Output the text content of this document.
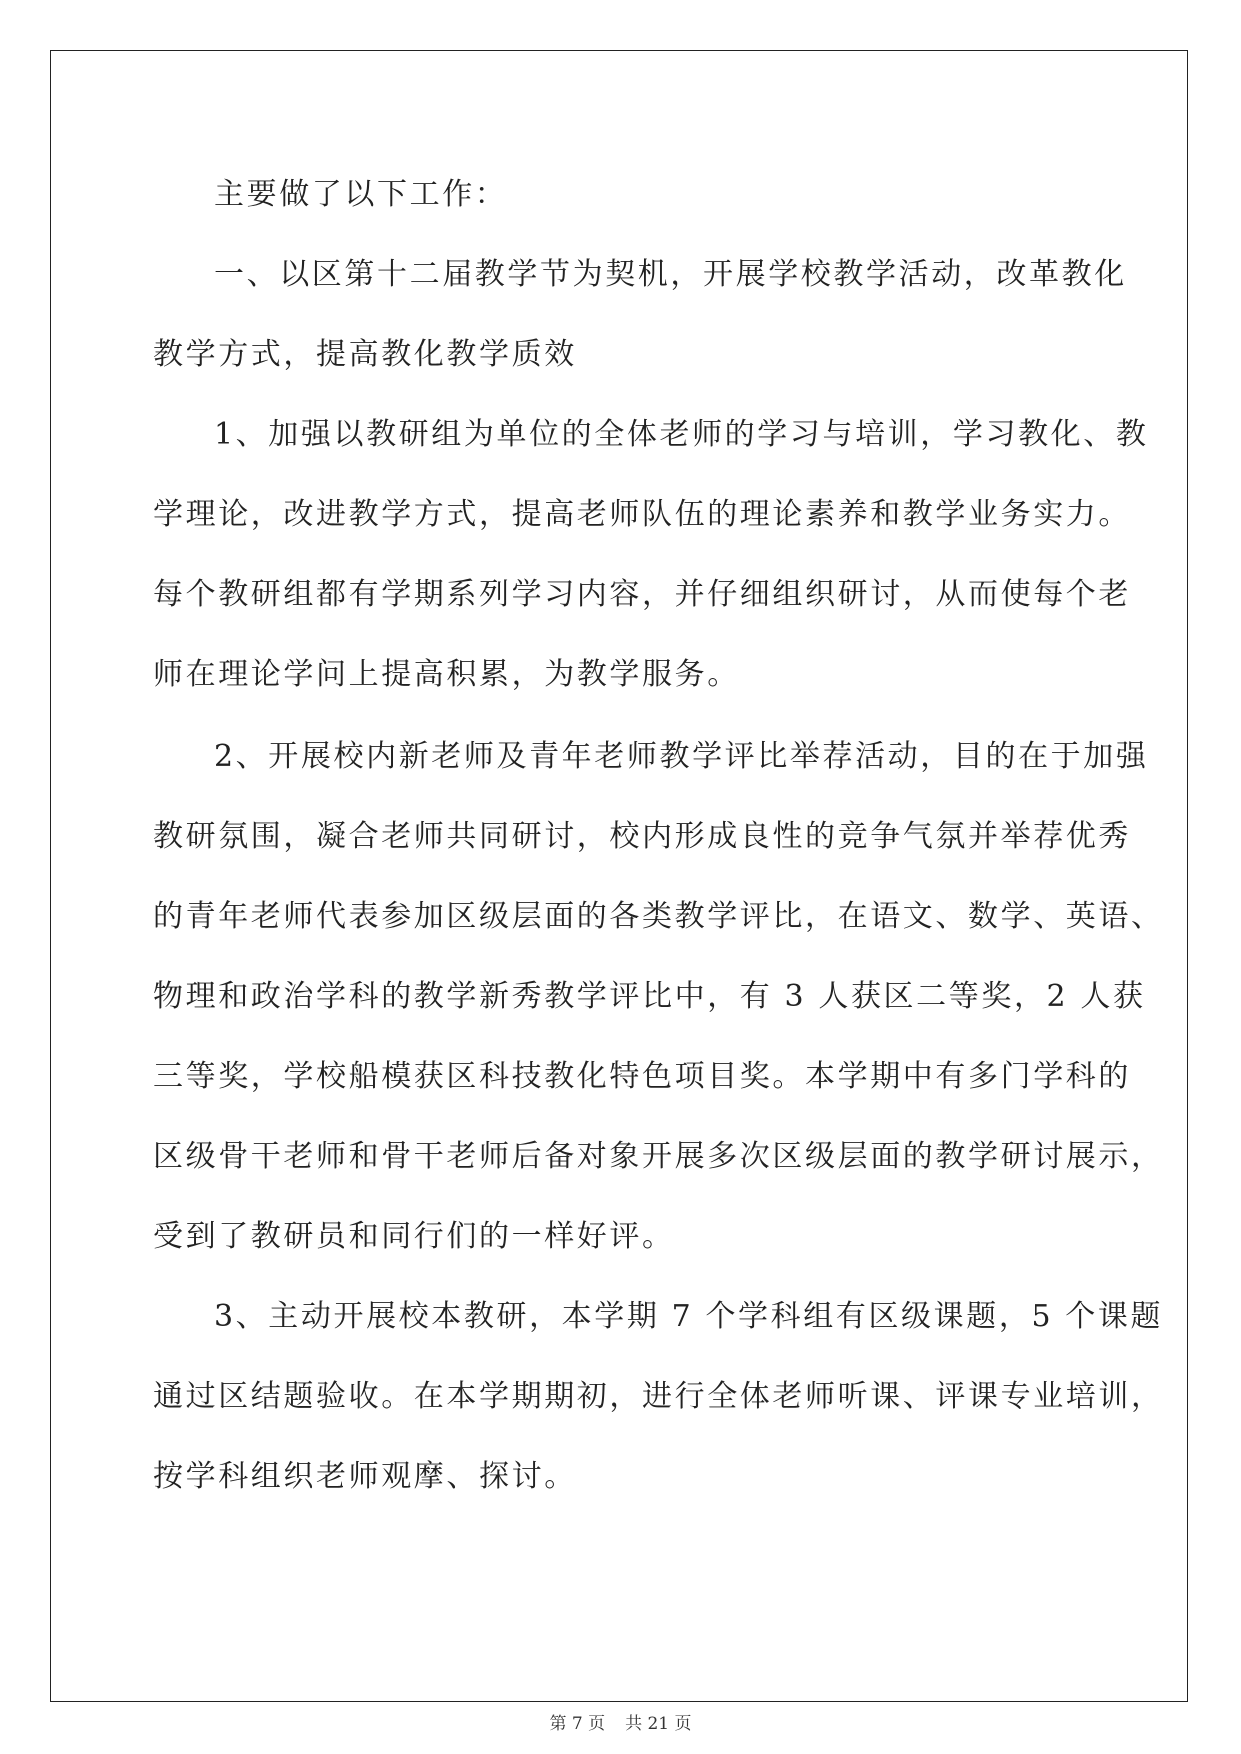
主要做了以下工作：

一、以区第十二届教学节为契机，开展学校教学活动，改革教化

教学方式，提高教化教学质效

1、加强以教研组为单位的全体老师的学习与培训，学习教化、教

学理论，改进教学方式，提高老师队伍的理论素养和教学业务实力。

每个教研组都有学期系列学习内容，并仔细组织研讨，从而使每个老

师在理论学问上提高积累，为教学服务。

2、开展校内新老师及青年老师教学评比举荐活动，目的在于加强

教研氛围，凝合老师共同研讨，校内形成良性的竞争气氛并举荐优秀

的青年老师代表参加区级层面的各类教学评比，在语文、数学、英语、

物理和政治学科的教学新秀教学评比中，有 3 人获区二等奖，2 人获

三等奖，学校船模获区科技教化特色项目奖。本学期中有多门学科的

区级骨干老师和骨干老师后备对象开展多次区级层面的教学研讨展示，

受到了教研员和同行们的一样好评。

3、主动开展校本教研，本学期 7 个学科组有区级课题，5 个课题

通过区结题验收。在本学期期初，进行全体老师听课、评课专业培训，

按学科组织老师观摩、探讨。

第 7 页 共 21 页
